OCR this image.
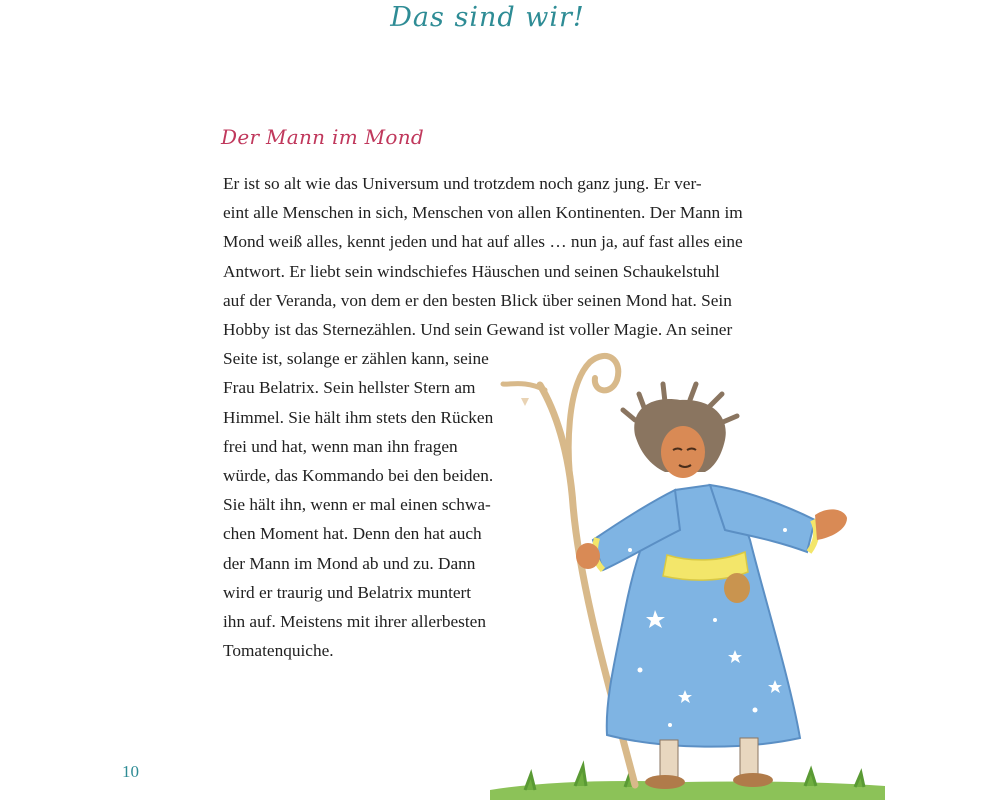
Das sind wir!
Der Mann im Mond
Er ist so alt wie das Universum und trotzdem noch ganz jung. Er ver-
eint alle Menschen in sich, Menschen von allen Kontinenten. Der Mann im
Mond weiß alles, kennt jeden und hat auf alles … nun ja, auf fast alles eine
Antwort. Er liebt sein windschiefes Häuschen und seinen Schaukelstuhl
auf der Veranda, von dem er den besten Blick über seinen Mond hat. Sein
Hobby ist das Sternezählen. Und sein Gewand ist voller Magie. An seiner
Seite ist, solange er zählen kann, seine
Frau Belatrix. Sein hellster Stern am
Himmel. Sie hält ihm stets den Rücken
frei und hat, wenn man ihn fragen
würde, das Kommando bei den beiden.
Sie hält ihn, wenn er mal einen schwa-
chen Moment hat. Denn den hat auch
der Mann im Mond ab und zu. Dann
wird er traurig und Belatrix muntert
ihn auf. Meistens mit ihrer allerbesten
Tomatenquiche.
10
